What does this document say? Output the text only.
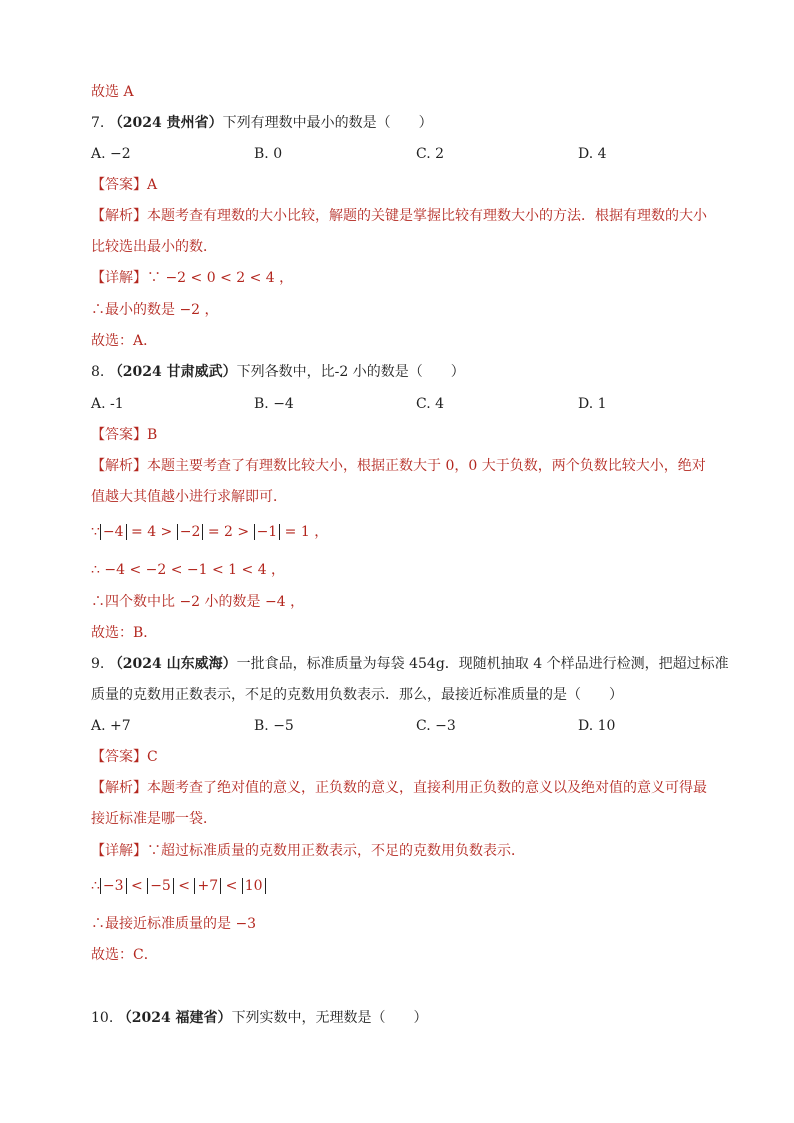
故选 A
7. （2024 贵州省）下列有理数中最小的数是（　　）
A. −2	B. 0	C. 2	D. 4
【答案】A
【解析】本题考查有理数的大小比较，解题的关键是掌握比较有理数大小的方法．根据有理数的大小
比较选出最小的数．
【详解】∵ −2 < 0 < 2 < 4 ，
∴最小的数是 −2 ，
故选：A．
8. （2024 甘肃威武）下列各数中，比-2 小的数是（　　）
A. -1	B. −4	C. 4	D. 1
【答案】B
【解析】本题主要考查了有理数比较大小，根据正数大于 0，0 大于负数，两个负数比较大小，绝对
值越大其值越小进行求解即可．
∵ −4 = 4 > −2 = 2 > −1 = 1 ，
∴ −4 < −2 < −1 < 1 < 4 ，
∴四个数中比 −2 小的数是 −4 ，
故选：B．
9. （2024 山东威海）一批食品，标准质量为每袋 454g．现随机抽取 4 个样品进行检测，把超过标准
质量的克数用正数表示，不足的克数用负数表示．那么，最接近标准质量的是（　　）
A. +7	B. −5	C. −3	D. 10
【答案】C
【解析】本题考查了绝对值的意义，正负数的意义，直接利用正负数的意义以及绝对值的意义可得最
接近标准是哪一袋．
【详解】∵超过标准质量的克数用正数表示，不足的克数用负数表示．
∴ −3 < −5 < +7 < 10
∴最接近标准质量的是 −3
故选：C．
10. （2024 福建省）下列实数中，无理数是（　　）
